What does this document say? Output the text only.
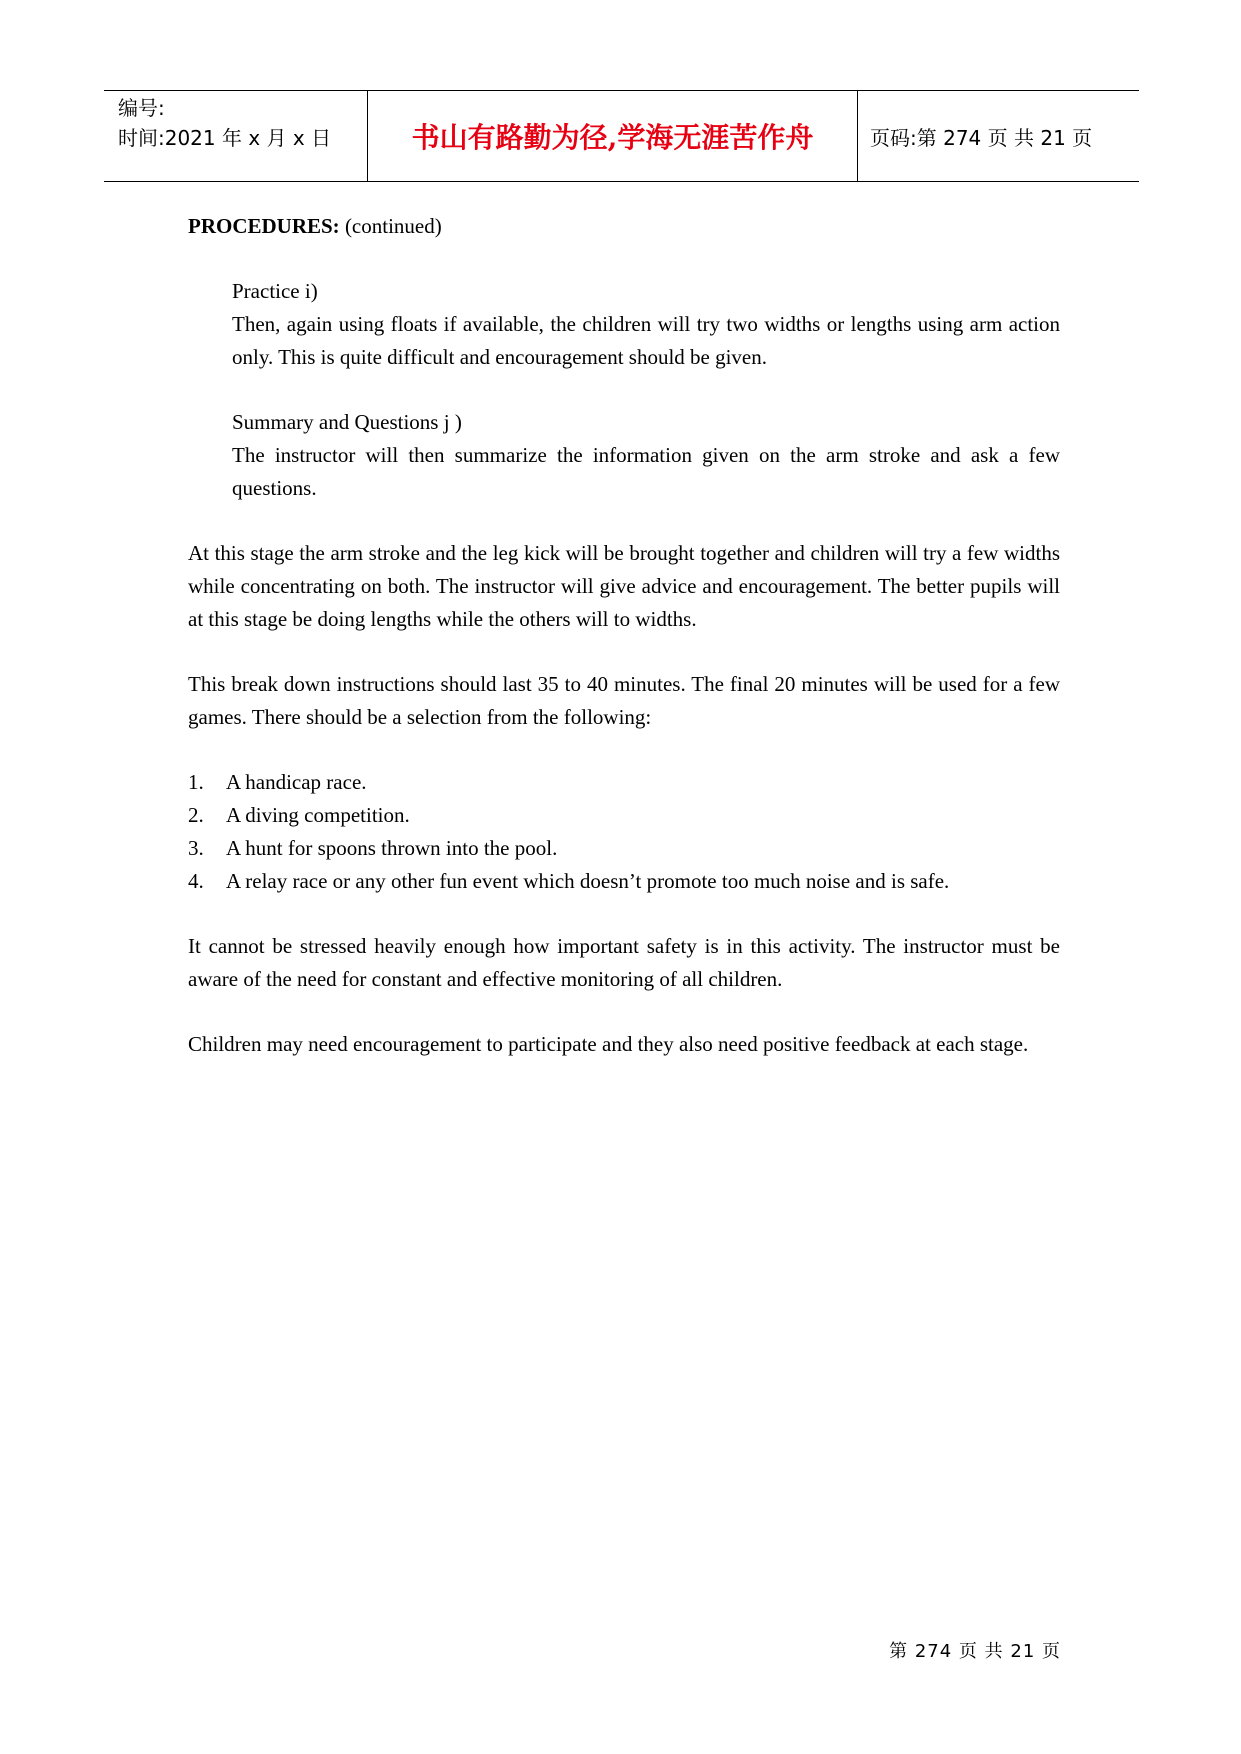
编号:
时间:2021 年 x 月 x 日	书山有路勤为径,学海无涯苦作舟	页码:第 274 页 共 21 页

PROCEDURES: (continued)

Practice i)

Then, again using floats if available, the children will try two widths or lengths using arm action only. This is quite difficult and encouragement should be given.

Summary and Questions j )

The instructor will then summarize the information given on the arm stroke and ask a few questions.

At this stage the arm stroke and the leg kick will be brought together and children will try a few widths while concentrating on both. The instructor will give advice and encouragement. The better pupils will at this stage be doing lengths while the others will to widths.

This break down instructions should last 35 to 40 minutes. The final 20 minutes will be used for a few games. There should be a selection from the following:

1.	A handicap race.
2.	A diving competition.
3.	A hunt for spoons thrown into the pool.
4.	A relay race or any other fun event which doesn’t promote too much noise and is safe.

It cannot be stressed heavily enough how important safety is in this activity. The instructor must be aware of the need for constant and effective monitoring of all children.

Children may need encouragement to participate and they also need positive feedback at each stage.

第 274 页 共 21 页
